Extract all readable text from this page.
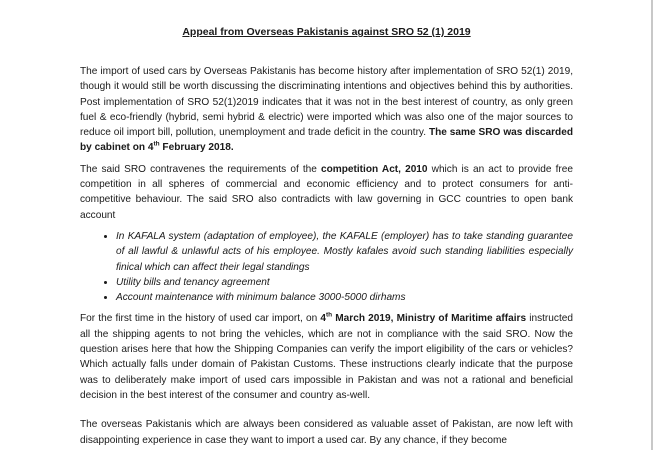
Appeal from Overseas Pakistanis against SRO 52 (1) 2019

The import of used cars by Overseas Pakistanis has become history after implementation of SRO 52(1) 2019, though it would still be worth discussing the discriminating intentions and objectives behind this by authorities. Post implementation of SRO 52(1)2019 indicates that it was not in the best interest of country, as only green fuel & eco-friendly (hybrid, semi hybrid & electric) were imported which was also one of the major sources to reduce oil import bill, pollution, unemployment and trade deficit in the country. The same SRO was discarded by cabinet on 4th February 2018.

The said SRO contravenes the requirements of the competition Act, 2010 which is an act to provide free competition in all spheres of commercial and economic efficiency and to protect consumers for anti-competitive behaviour. The said SRO also contradicts with law governing in GCC countries to open bank account

• In KAFALA system (adaptation of employee), the KAFALE (employer) has to take standing guarantee of all lawful & unlawful acts of his employee. Mostly kafales avoid such standing liabilities especially finical which can affect their legal standings
• Utility bills and tenancy agreement
• Account maintenance with minimum balance 3000-5000 dirhams

For the first time in the history of used car import, on 4th March 2019, Ministry of Maritime affairs instructed all the shipping agents to not bring the vehicles, which are not in compliance with the said SRO. Now the question arises here that how the Shipping Companies can verify the import eligibility of the cars or vehicles? Which actually falls under domain of Pakistan Customs. These instructions clearly indicate that the purpose was to deliberately make import of used cars impossible in Pakistan and was not a rational and beneficial decision in the best interest of the consumer and country as-well.

The overseas Pakistanis which are always been considered as valuable asset of Pakistan, are now left with disappointing experience in case they want to import a used car. By any chance, if they become
